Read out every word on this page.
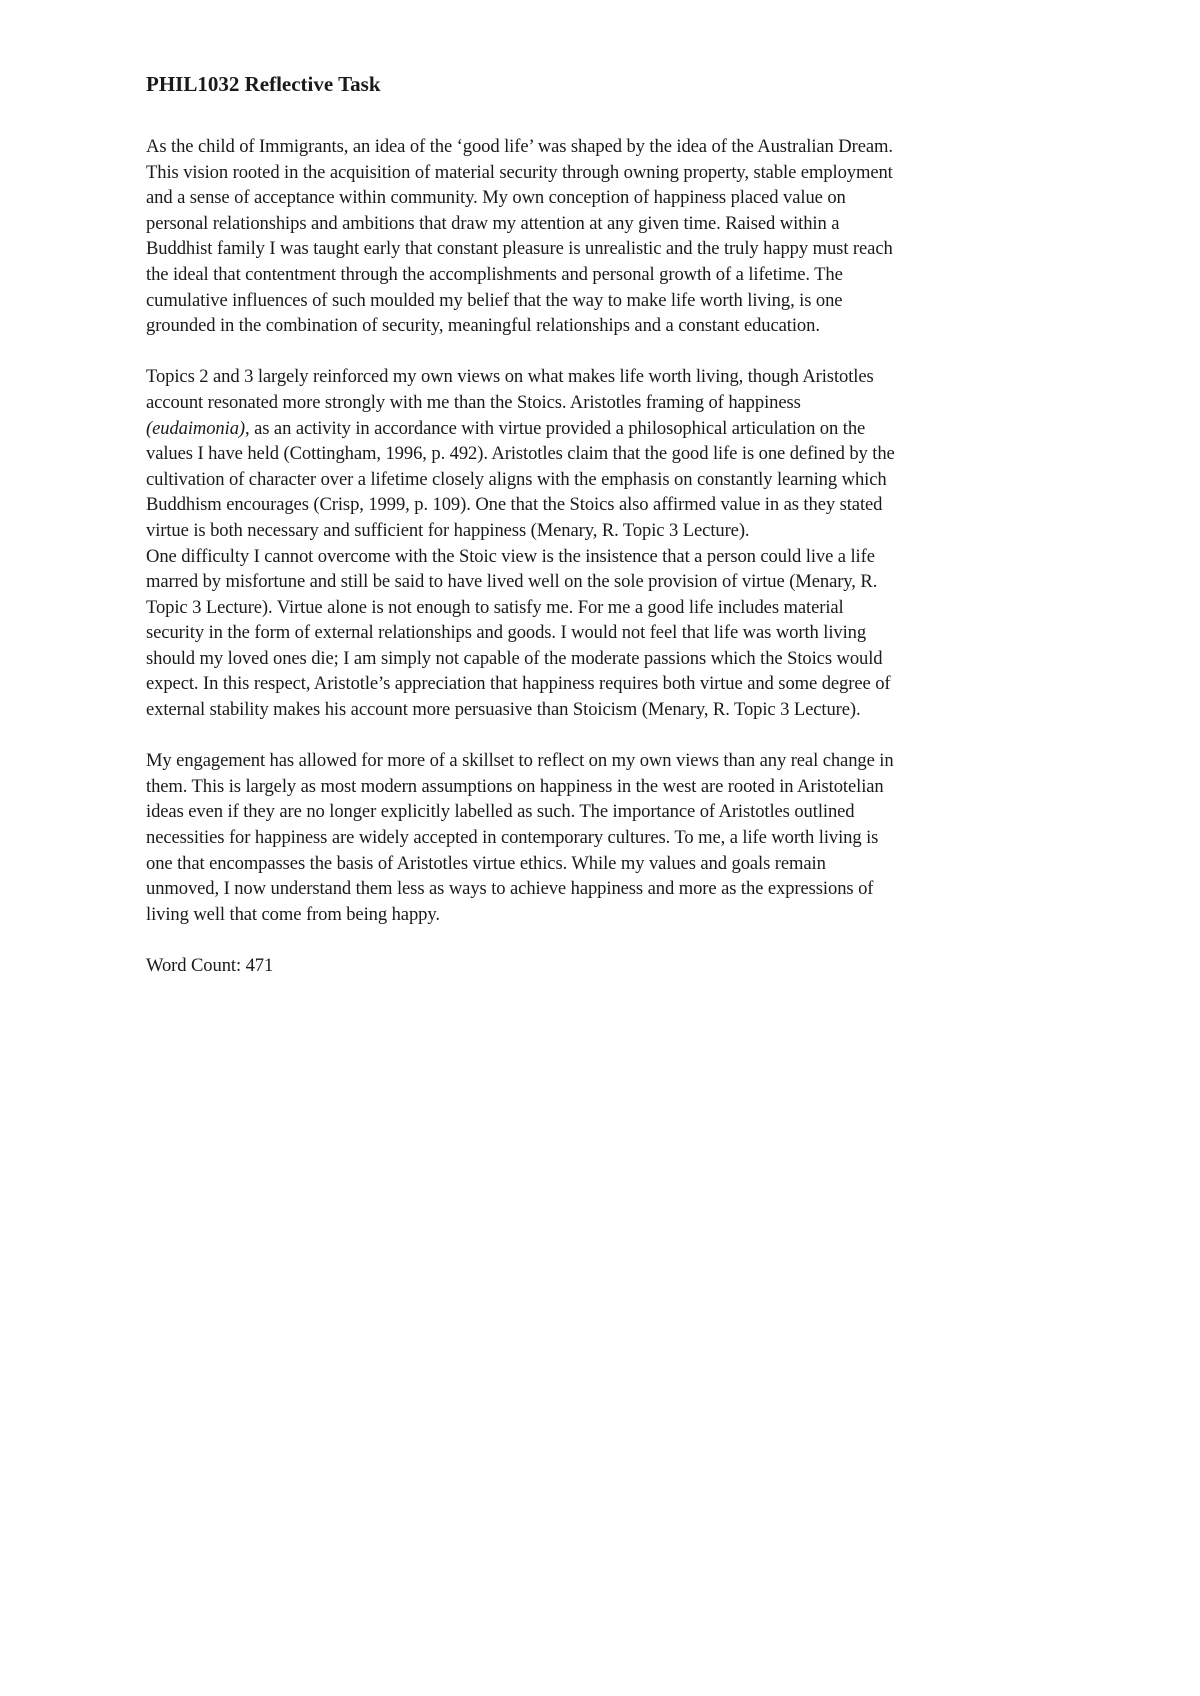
PHIL1032 Reflective Task
As the child of Immigrants, an idea of the ‘good life’ was shaped by the idea of the Australian Dream.
This vision rooted in the acquisition of material security through owning property, stable employment
and a sense of acceptance within community. My own conception of happiness placed value on
personal relationships and ambitions that draw my attention at any given time. Raised within a
Buddhist family I was taught early that constant pleasure is unrealistic and the truly happy must reach
the ideal that contentment through the accomplishments and personal growth of a lifetime. The
cumulative influences of such moulded my belief that the way to make life worth living, is one
grounded in the combination of security, meaningful relationships and a constant education.
Topics 2 and 3 largely reinforced my own views on what makes life worth living, though Aristotles
account resonated more strongly with me than the Stoics. Aristotles framing of happiness
(eudaimonia), as an activity in accordance with virtue provided a philosophical articulation on the
values I have held (Cottingham, 1996, p. 492). Aristotles claim that the good life is one defined by the
cultivation of character over a lifetime closely aligns with the emphasis on constantly learning which
Buddhism encourages (Crisp, 1999, p. 109). One that the Stoics also affirmed value in as they stated
virtue is both necessary and sufficient for happiness (Menary, R. Topic 3 Lecture).
One difficulty I cannot overcome with the Stoic view is the insistence that a person could live a life
marred by misfortune and still be said to have lived well on the sole provision of virtue (Menary, R.
Topic 3 Lecture). Virtue alone is not enough to satisfy me. For me a good life includes material
security in the form of external relationships and goods. I would not feel that life was worth living
should my loved ones die; I am simply not capable of the moderate passions which the Stoics would
expect. In this respect, Aristotle’s appreciation that happiness requires both virtue and some degree of
external stability makes his account more persuasive than Stoicism (Menary, R. Topic 3 Lecture).
My engagement has allowed for more of a skillset to reflect on my own views than any real change in
them. This is largely as most modern assumptions on happiness in the west are rooted in Aristotelian
ideas even if they are no longer explicitly labelled as such. The importance of Aristotles outlined
necessities for happiness are widely accepted in contemporary cultures. To me, a life worth living is
one that encompasses the basis of Aristotles virtue ethics. While my values and goals remain
unmoved, I now understand them less as ways to achieve happiness and more as the expressions of
living well that come from being happy.
Word Count: 471
